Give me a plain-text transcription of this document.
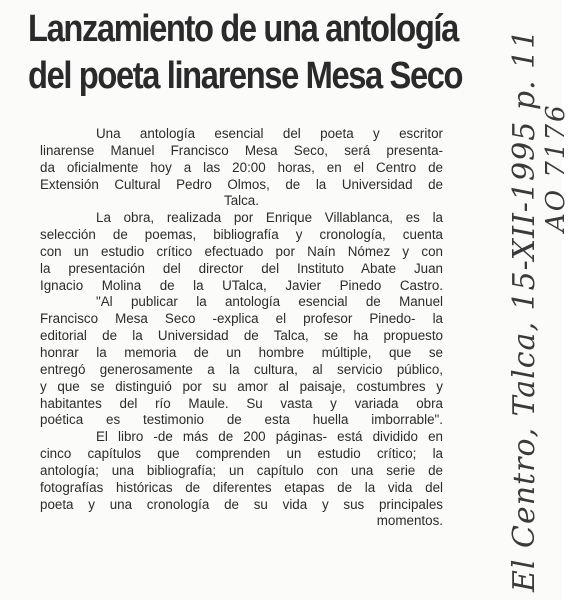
Lanzamiento de una antología
del poeta linarense Mesa Seco
Una antología esencial del poeta y escritor
linarense Manuel Francisco Mesa Seco, será presenta-
da oficialmente hoy a las 20:00 horas, en el Centro de
Extensión Cultural Pedro Olmos, de la Universidad de
Talca.
La obra, realizada por Enrique Villablanca, es la
selección de poemas, bibliografía y cronología, cuenta
con un estudio crítico efectuado por Naín Nómez y con
la presentación del director del Instituto Abate Juan
Ignacio Molina de la UTalca, Javier Pinedo Castro.
"Al publicar la antología esencial de Manuel
Francisco Mesa Seco -explica el profesor Pinedo- la
editorial de la Universidad de Talca, se ha propuesto
honrar la memoria de un hombre múltiple, que se
entregó generosamente a la cultura, al servicio público,
y que se distinguió por su amor al paisaje, costumbres y
habitantes del río Maule. Su vasta y variada obra
poética es testimonio de esta huella imborrable".
El libro -de más de 200 páginas- está dividido en
cinco capítulos que comprenden un estudio crítico; la
antología; una bibliografía; un capítulo con una serie de
fotografías históricas de diferentes etapas de la vida del
poeta y una cronología de su vida y sus principales
momentos. El Centro, Talca, 15-XII-1995 p. 11 AO 7176
